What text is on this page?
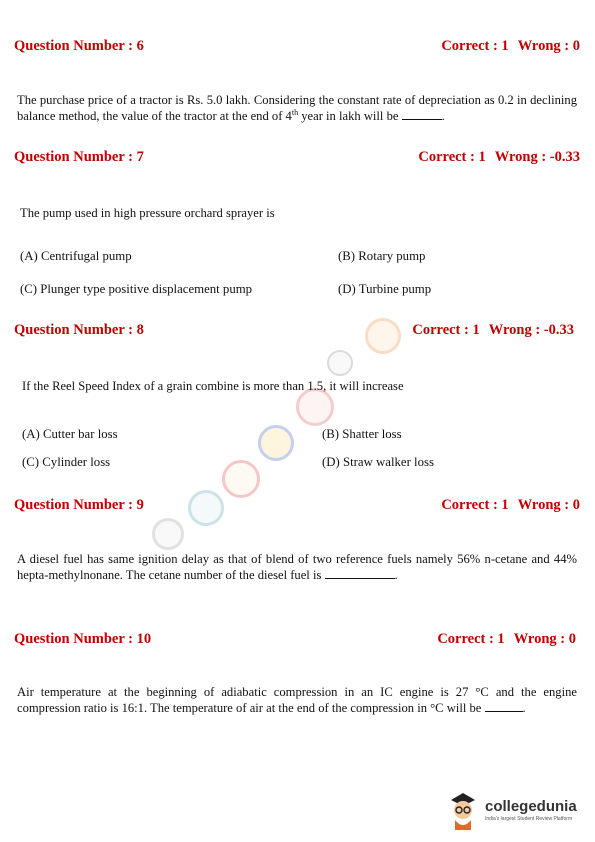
Question Number : 6	Correct : 1 Wrong : 0
The purchase price of a tractor is Rs. 5.0 lakh. Considering the constant rate of depreciation as 0.2 in declining balance method, the value of the tractor at the end of 4th year in lakh will be	.
Question Number : 7	Correct : 1 Wrong : -0.33
The pump used in high pressure orchard sprayer is
(A) Centrifugal pump	(B) Rotary pump
(C) Plunger type positive displacement pump	(D) Turbine pump
Question Number : 8	Correct : 1 Wrong : -0.33
If the Reel Speed Index of a grain combine is more than 1.5, it will increase
(A) Cutter bar loss	(B) Shatter loss
(C) Cylinder loss	(D) Straw walker loss
Question Number : 9	Correct : 1 Wrong : 0
A diesel fuel has same ignition delay as that of blend of two reference fuels namely 56% n-cetane and 44% hepta-methylnonane. The cetane number of the diesel fuel is	.
Question Number : 10	Correct : 1 Wrong : 0
Air temperature at the beginning of adiabatic compression in an IC engine is 27 °C and the engine compression ratio is 16:1. The temperature of air at the end of the compression in °C will be	.
collegedunia
India's largest Student Review Platform
